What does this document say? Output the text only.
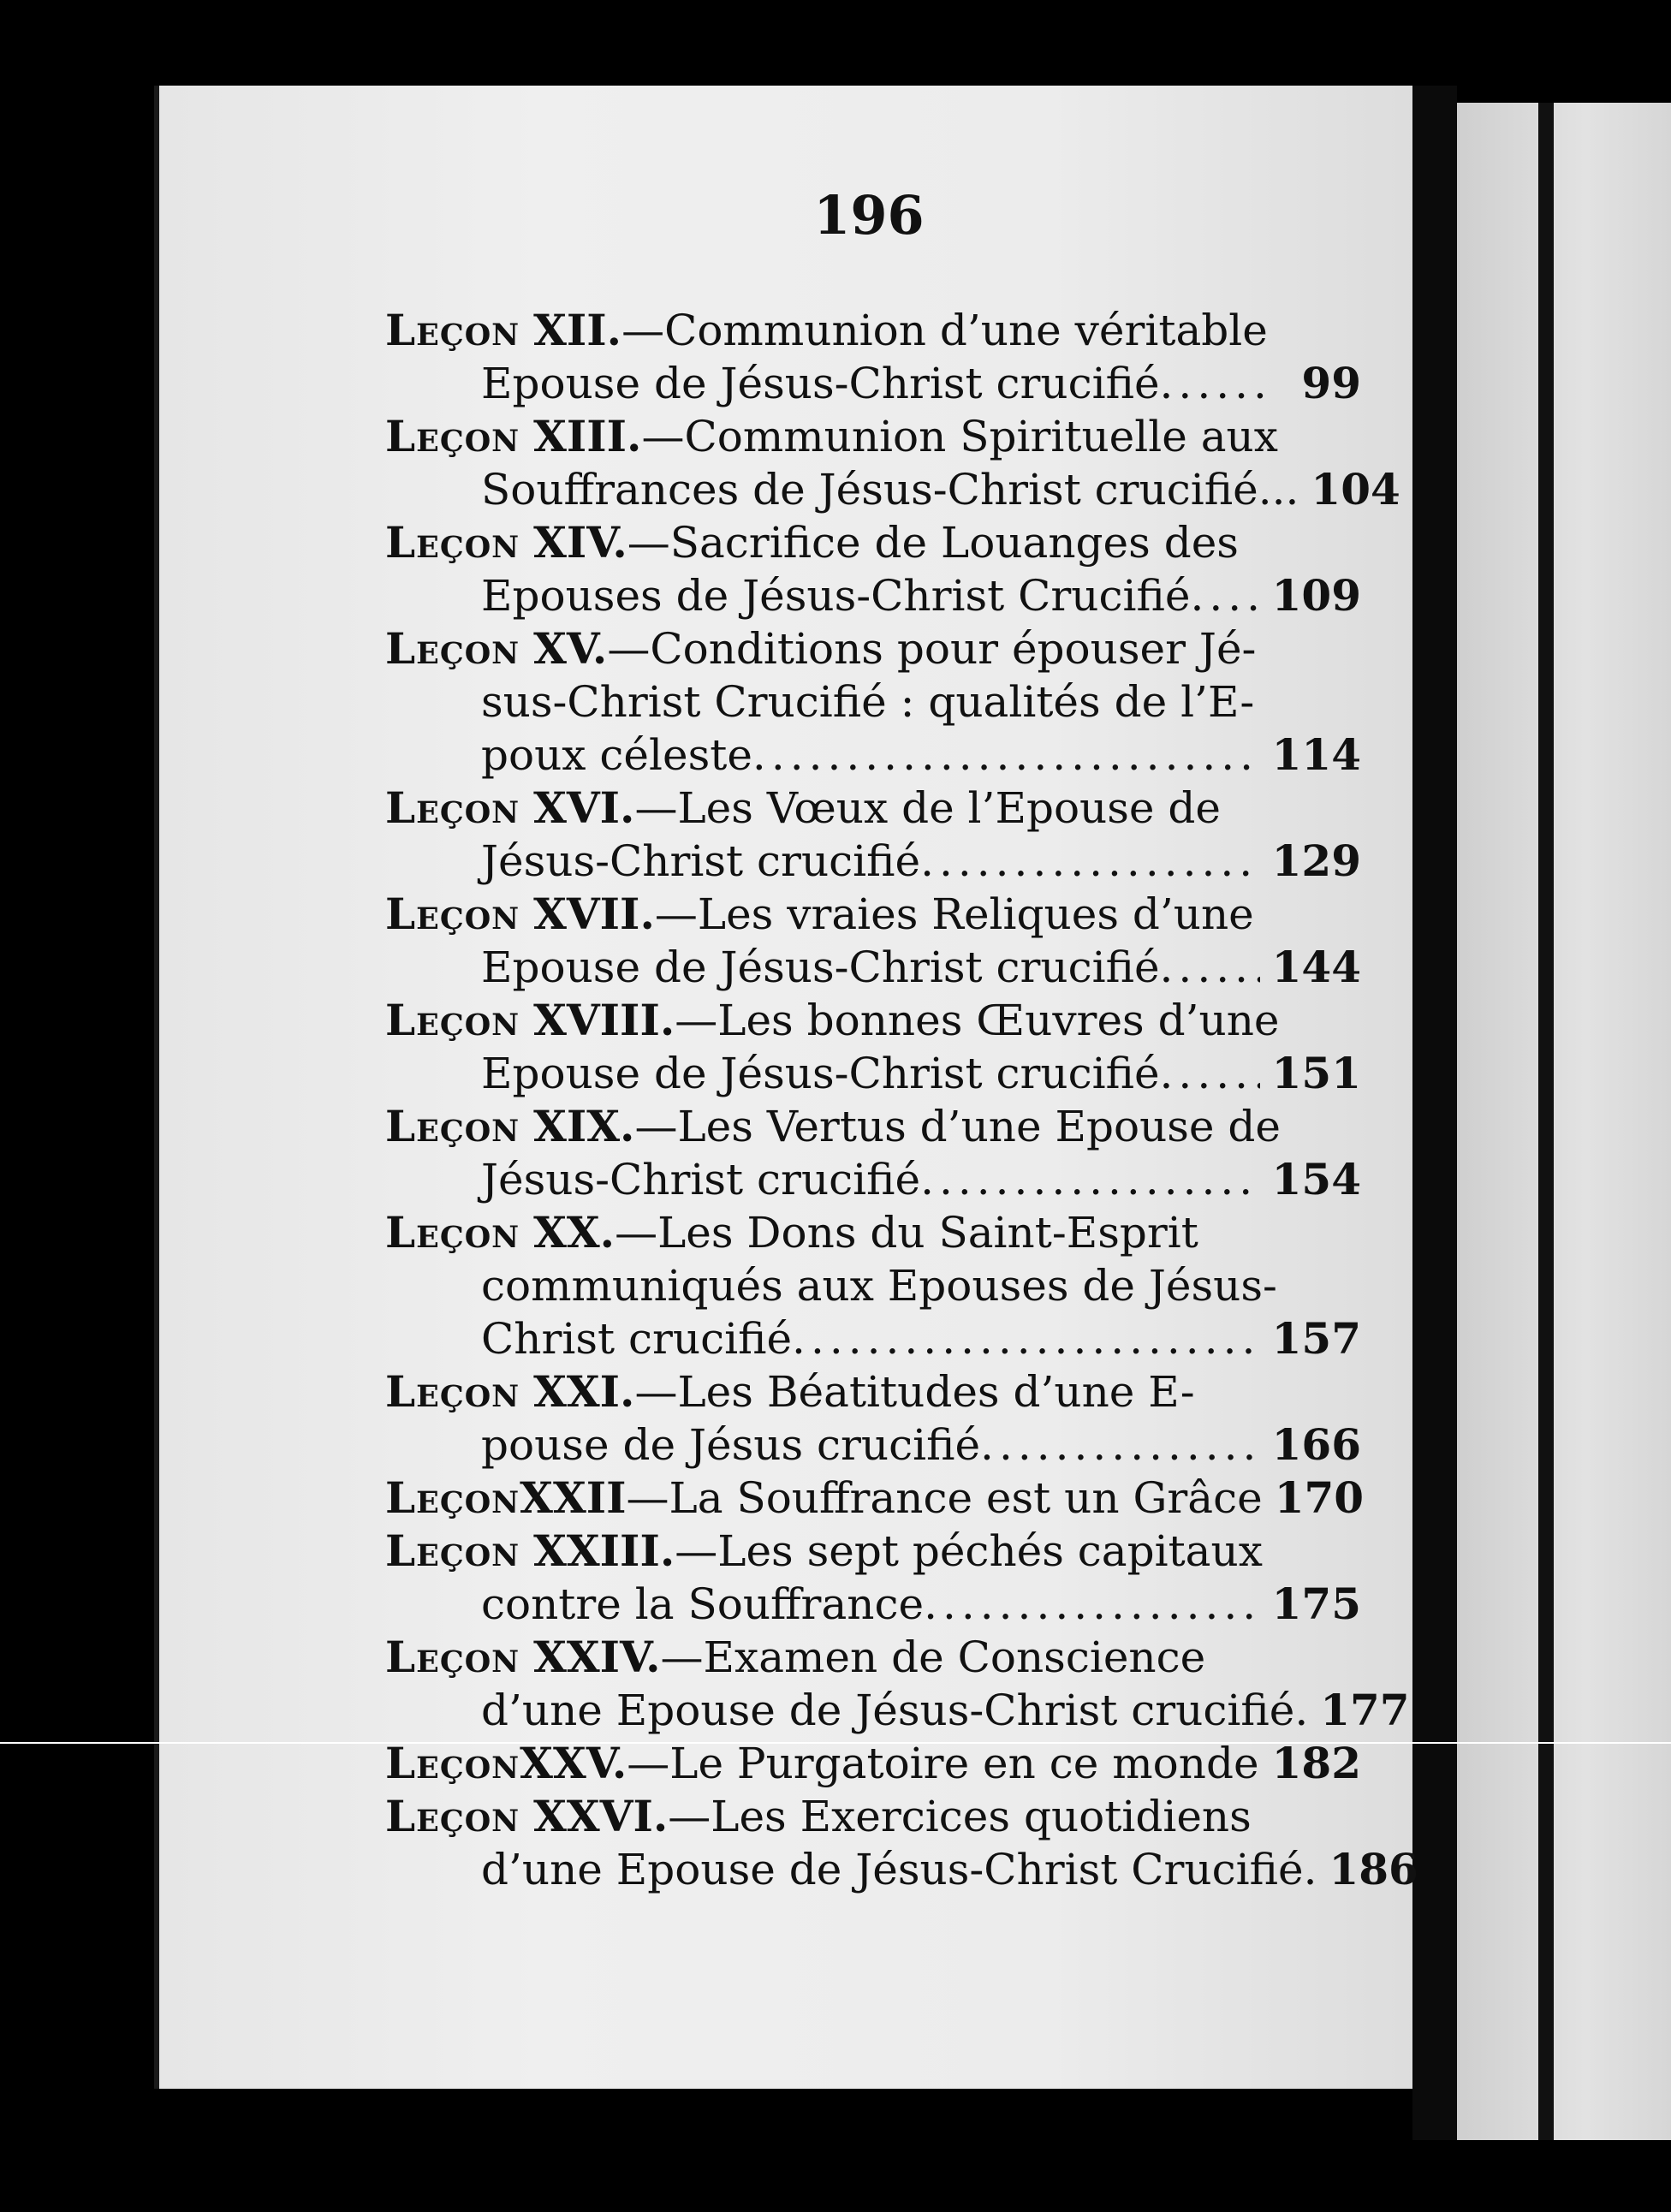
196
Leçon XII.—Communion d’une véritable
Epouse de Jésus-Christ crucifié .....	99
Leçon XIII.—Communion Spirituelle aux
Souffrances de Jésus-Christ crucifié... 104
Leçon XIV.—Sacrifice de Louanges des
Epouses de Jésus-Christ Crucifié ..... 109
Leçon XV.—Conditions pour épouser Jé-
sus-Christ Crucifié : qualités de l’E-
poux céleste .....	114
Leçon XVI.—Les Vœux de l’Epouse de
Jésus-Christ crucifié .....	129
Leçon XVII.—Les vraies Reliques d’une
Epouse de Jésus-Christ crucifié .....	144
Leçon XVIII.—Les bonnes Œuvres d’une
Epouse de Jésus-Christ crucifié .....	151
Leçon XIX.—Les Vertus d’une Epouse de
Jésus-Christ crucifié .....	154
Leçon XX.—Les Dons du Saint-Esprit
communiqués aux Epouses de Jésus-
Christ crucifié .....	157
Leçon XXI.—Les Béatitudes d’une E-
pouse de Jésus crucifié .....	166
Leçon XXII —La Souffrance est un Grâce 170
Leçon XXIII.—Les sept péchés capitaux
contre la Souffrance .....	175
Leçon XXIV.—Examen de Conscience
d’une Epouse de Jésus-Christ crucifié. 177
Leçon XXV. —Le Purgatoire en ce monde 182
Leçon XXVI.—Les Exercices quotidiens
d’une Epouse de Jésus-Christ Crucifié. 186
